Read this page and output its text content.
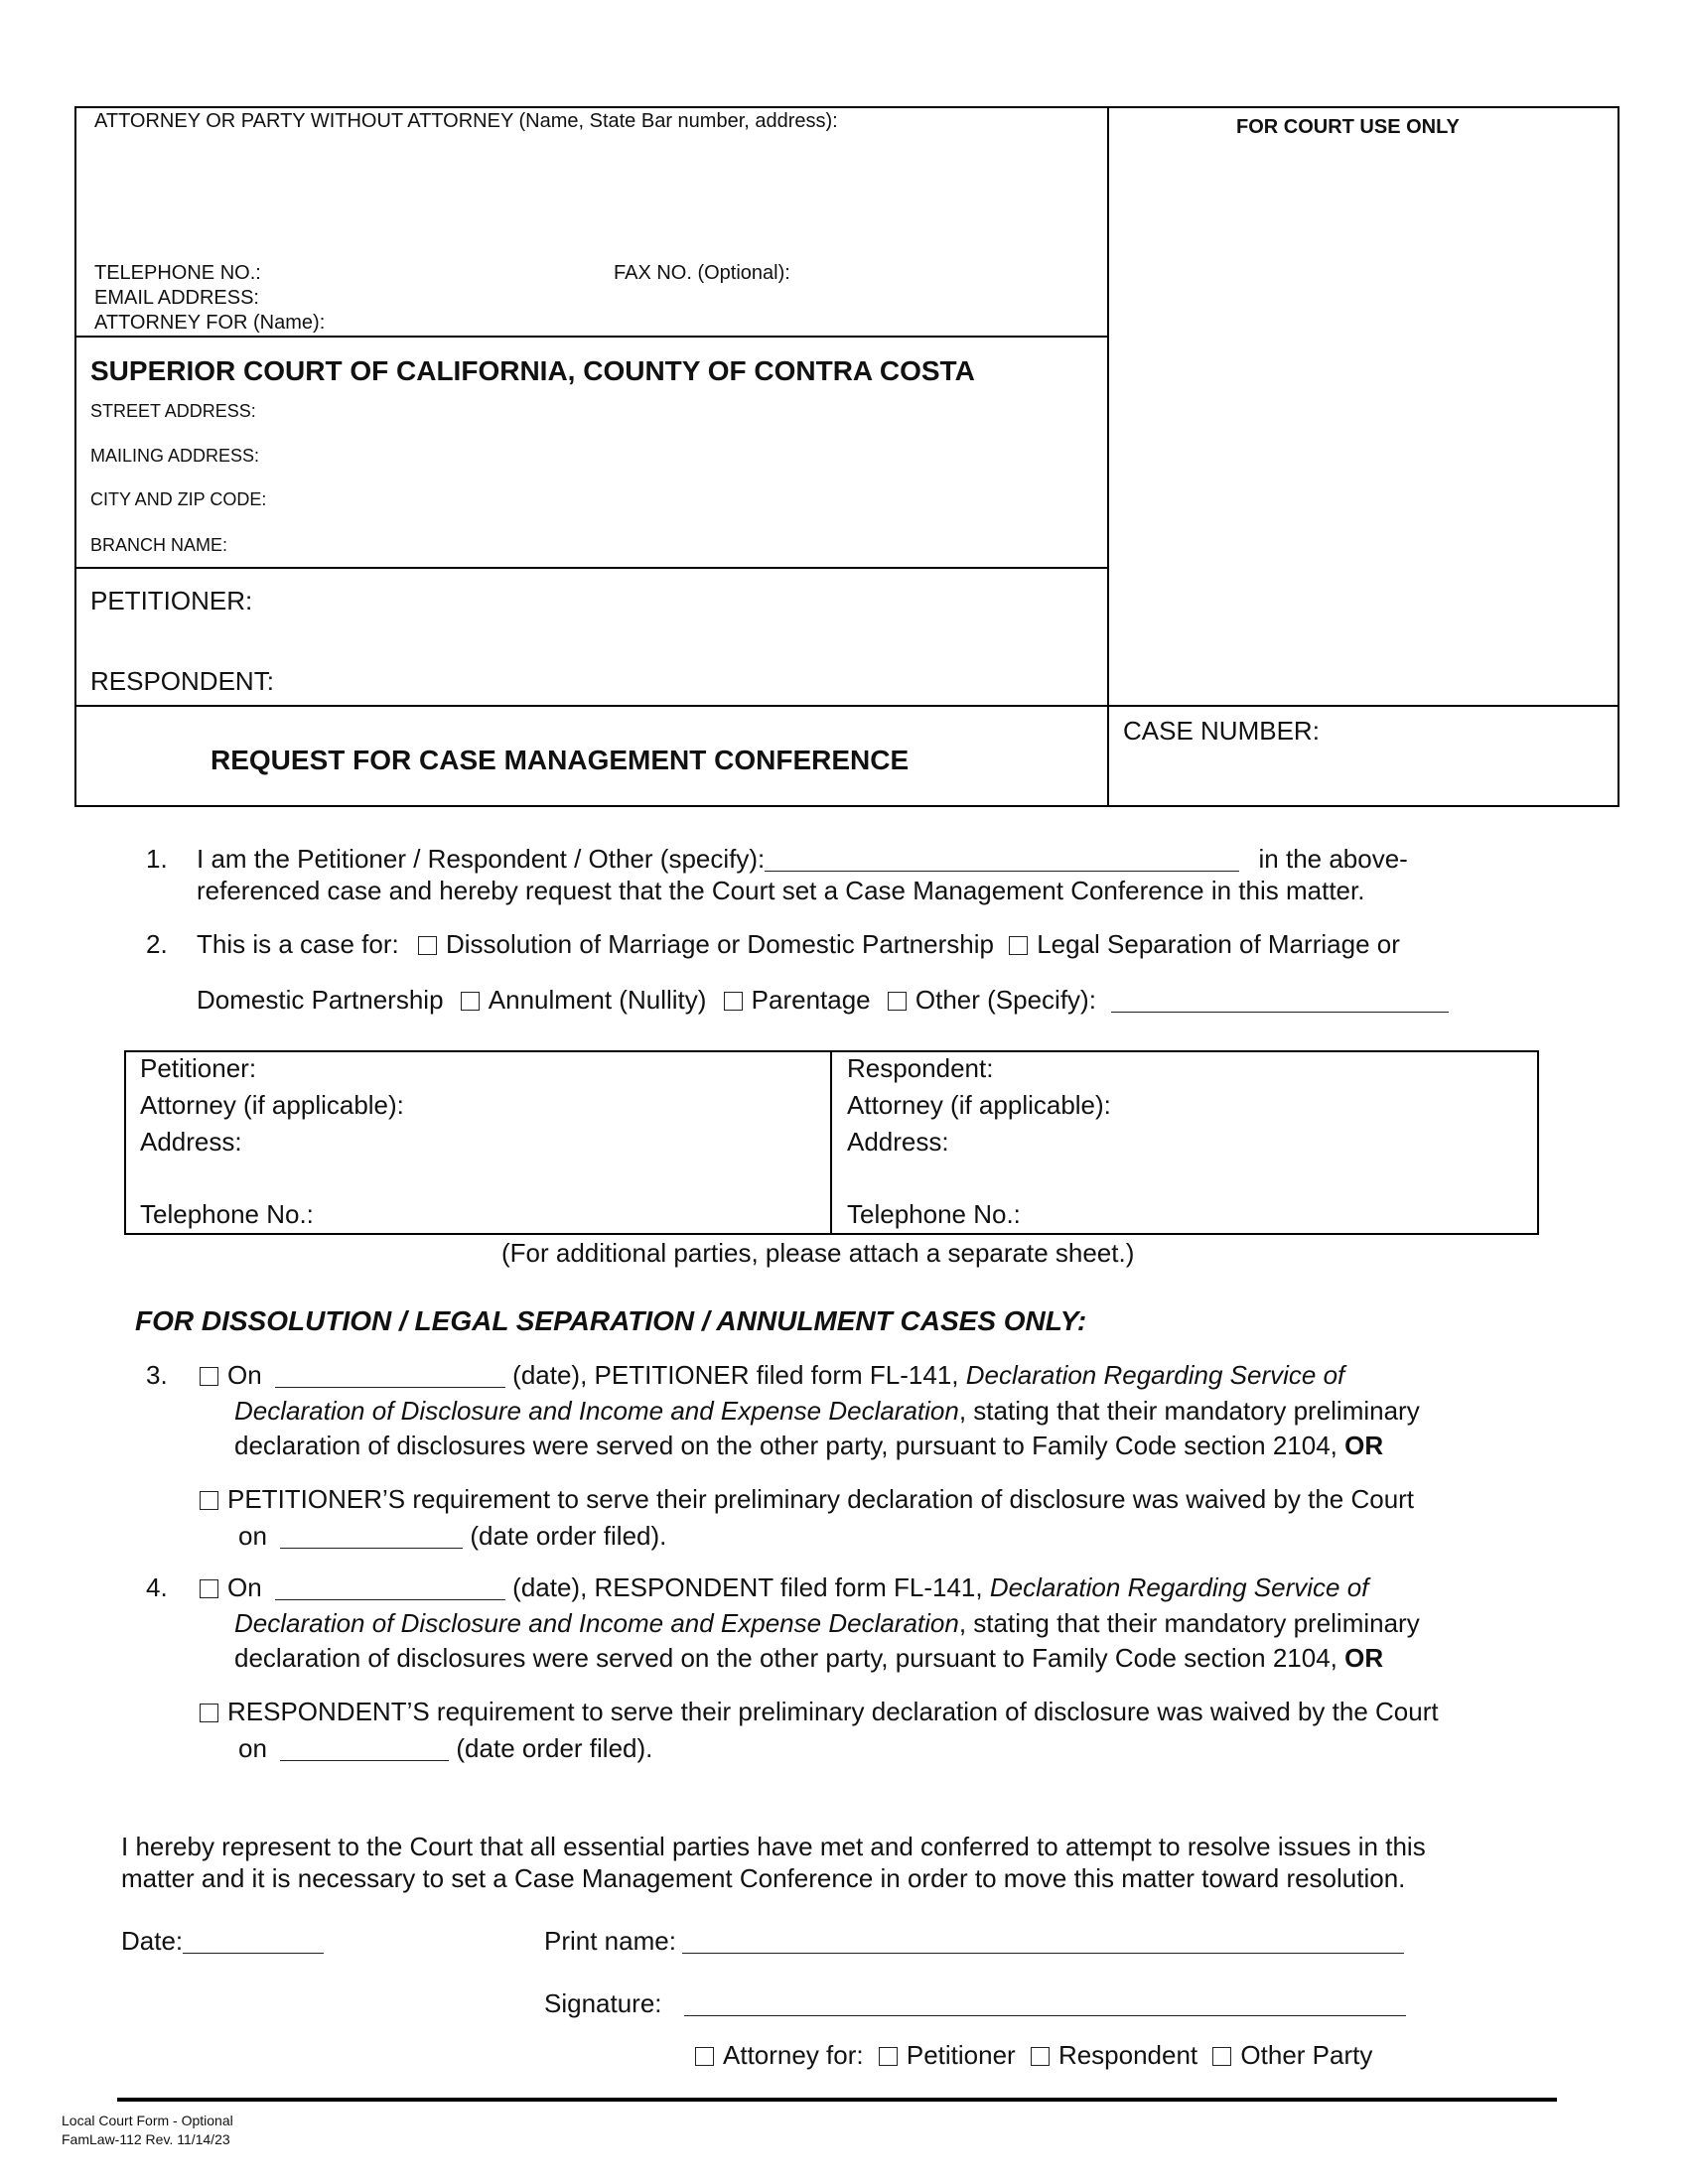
ATTORNEY OR PARTY WITHOUT ATTORNEY (Name, State Bar number, address):	FOR COURT USE ONLY
TELEPHONE NO.:	FAX NO. (Optional):
EMAIL ADDRESS:
ATTORNEY FOR (Name):
SUPERIOR COURT OF CALIFORNIA, COUNTY OF CONTRA COSTA
STREET ADDRESS:
MAILING ADDRESS:
CITY AND ZIP CODE:
BRANCH NAME:
PETITIONER:
RESPONDENT:
REQUEST FOR CASE MANAGEMENT CONFERENCE
CASE NUMBER:
1. I am the Petitioner / Respondent / Other (specify):	in the above-
referenced case and hereby request that the Court set a Case Management Conference in this matter.
2. This is a case for: Dissolution of Marriage or Domestic Partnership Legal Separation of Marriage or
Domestic Partnership Annulment (Nullity) Parentage Other (Specify):
Petitioner:
Attorney (if applicable):
Address:
Telephone No.:
Respondent:
Attorney (if applicable):
Address:
Telephone No.:
(For additional parties, please attach a separate sheet.)
FOR DISSOLUTION / LEGAL SEPARATION / ANNULMENT CASES ONLY:
3.	On	(date), PETITIONER filed form FL-141, Declaration Regarding Service of
Declaration of Disclosure and Income and Expense Declaration, stating that their mandatory preliminary
declaration of disclosures were served on the other party, pursuant to Family Code section 2104, OR
PETITIONER’S requirement to serve their preliminary declaration of disclosure was waived by the Court
on	(date order filed).
4.	On	(date), RESPONDENT filed form FL-141, Declaration Regarding Service of
Declaration of Disclosure and Income and Expense Declaration, stating that their mandatory preliminary
declaration of disclosures were served on the other party, pursuant to Family Code section 2104, OR
RESPONDENT’S requirement to serve their preliminary declaration of disclosure was waived by the Court
on	(date order filed).
I hereby represent to the Court that all essential parties have met and conferred to attempt to resolve issues in this
matter and it is necessary to set a Case Management Conference in order to move this matter toward resolution.
Date:	Print name:
Signature:
Attorney for: Petitioner Respondent Other Party
Local Court Form - Optional
FamLaw-112 Rev. 11/14/23
